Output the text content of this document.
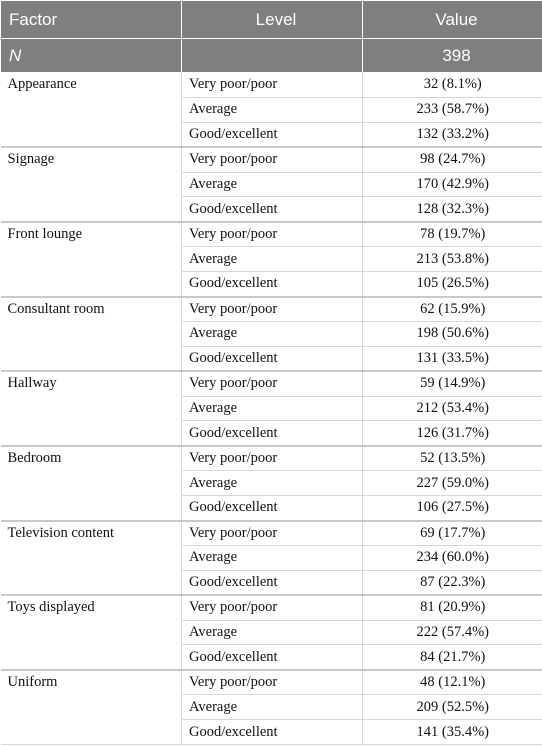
Factor	Level	Value
N		398
Appearance	Very poor/poor	32 (8.1%)
	Average	233 (58.7%)
	Good/excellent	132 (33.2%)
Signage	Very poor/poor	98 (24.7%)
	Average	170 (42.9%)
	Good/excellent	128 (32.3%)
Front lounge	Very poor/poor	78 (19.7%)
	Average	213 (53.8%)
	Good/excellent	105 (26.5%)
Consultant room	Very poor/poor	62 (15.9%)
	Average	198 (50.6%)
	Good/excellent	131 (33.5%)
Hallway	Very poor/poor	59 (14.9%)
	Average	212 (53.4%)
	Good/excellent	126 (31.7%)
Bedroom	Very poor/poor	52 (13.5%)
	Average	227 (59.0%)
	Good/excellent	106 (27.5%)
Television content	Very poor/poor	69 (17.7%)
	Average	234 (60.0%)
	Good/excellent	87 (22.3%)
Toys displayed	Very poor/poor	81 (20.9%)
	Average	222 (57.4%)
	Good/excellent	84 (21.7%)
Uniform	Very poor/poor	48 (12.1%)
	Average	209 (52.5%)
	Good/excellent	141 (35.4%)
